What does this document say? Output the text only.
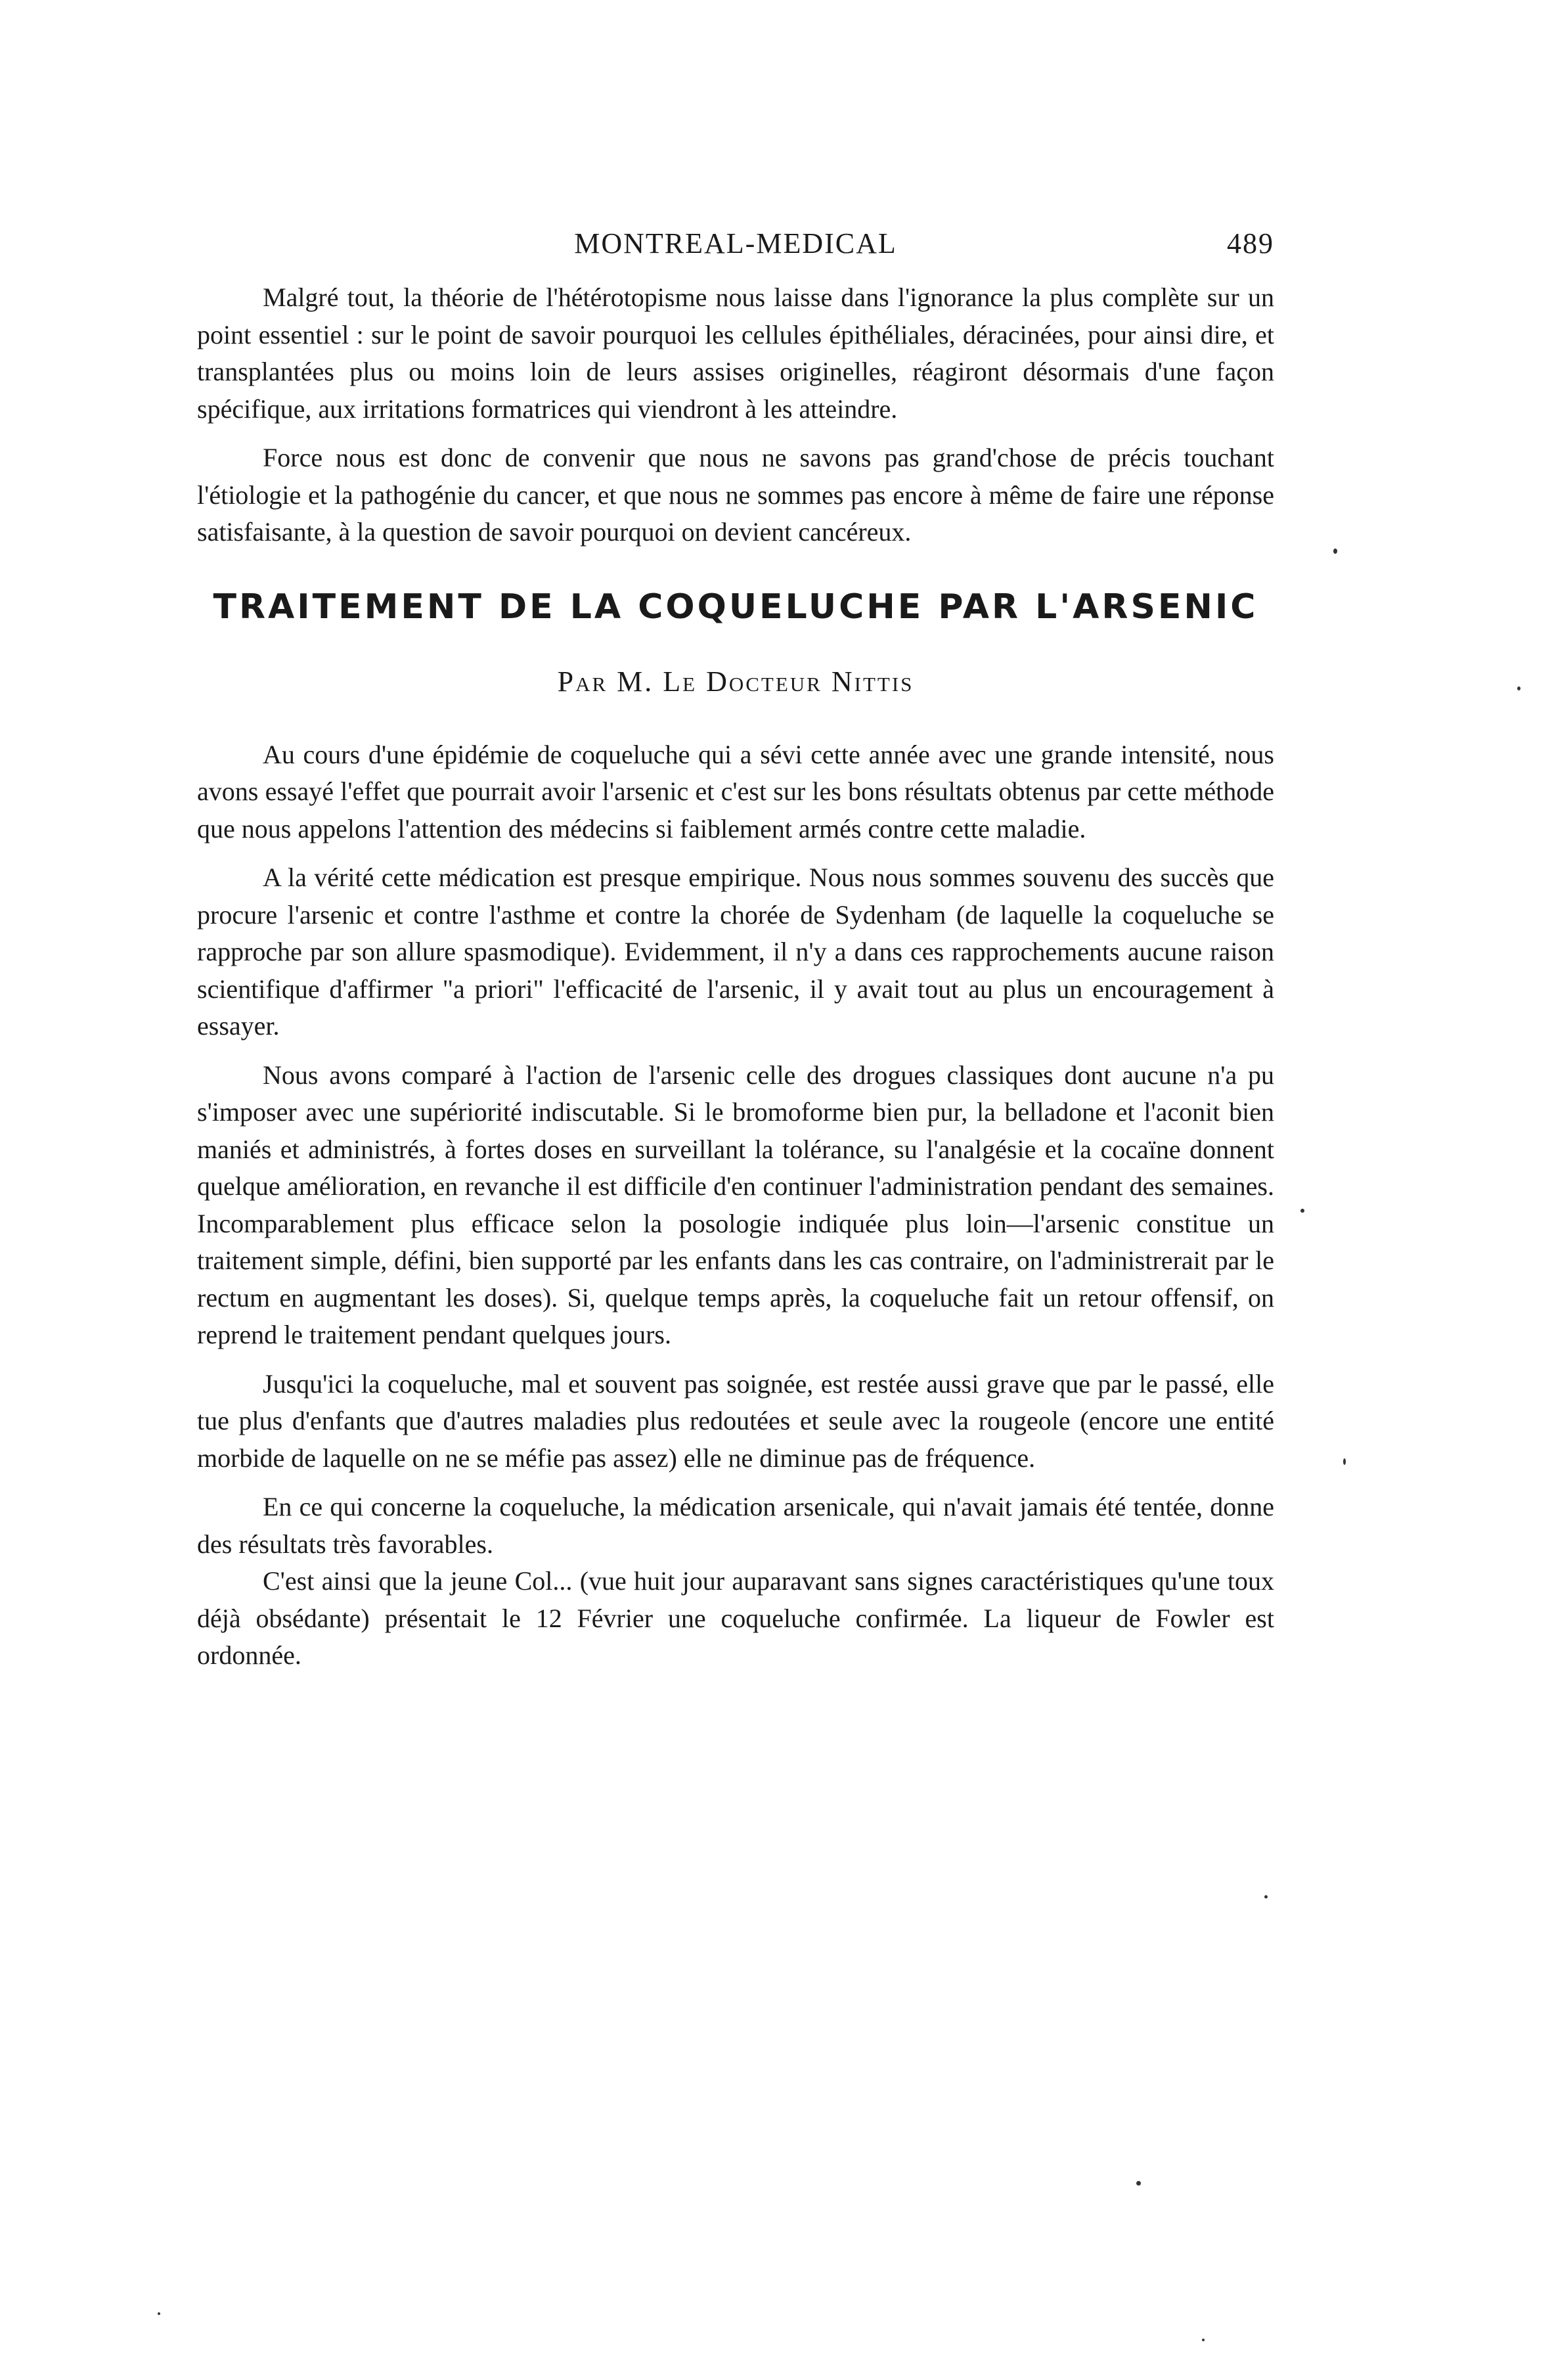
MONTREAL-MEDICAL	489

Malgré tout, la théorie de l'hétérotopisme nous laisse dans l'ignorance la plus complète sur un point essentiel : sur le point de savoir pourquoi les cellules épithéliales, déracinées, pour ainsi dire, et transplantées plus ou moins loin de leurs assises originelles, réagiront désormais d'une façon spécifique, aux irritations formatrices qui viendront à les atteindre.

Force nous est donc de convenir que nous ne savons pas grand'chose de précis touchant l'étiologie et la pathogénie du cancer, et que nous ne sommes pas encore à même de faire une réponse satisfaisante, à la question de savoir pourquoi on devient cancéreux.

TRAITEMENT DE LA COQUELUCHE PAR L'ARSENIC

Par M. Le Docteur Nittis

Au cours d'une épidémie de coqueluche qui a sévi cette année avec une grande intensité, nous avons essayé l'effet que pourrait avoir l'arsenic et c'est sur les bons résultats obtenus par cette méthode que nous appelons l'attention des médecins si faiblement armés contre cette maladie.

A la vérité cette médication est presque empirique. Nous nous sommes souvenu des succès que procure l'arsenic et contre l'asthme et contre la chorée de Sydenham (de laquelle la coqueluche se rapproche par son allure spasmodique). Evidemment, il n'y a dans ces rapprochements aucune raison scientifique d'affirmer "a priori" l'efficacité de l'arsenic, il y avait tout au plus un encouragement à essayer.

Nous avons comparé à l'action de l'arsenic celle des drogues classiques dont aucune n'a pu s'imposer avec une supériorité indiscutable. Si le bromoforme bien pur, la belladone et l'aconit bien maniés et administrés, à fortes doses en surveillant la tolérance, su l'analgésie et la cocaïne donnent quelque amélioration, en revanche il est difficile d'en continuer l'administration pendant des semaines. Incomparablement plus efficace selon la posologie indiquée plus loin—l'arsenic constitue un traitement simple, défini, bien supporté par les enfants dans les cas contraire, on l'administrerait par le rectum en augmentant les doses). Si, quelque temps après, la coqueluche fait un retour offensif, on reprend le traitement pendant quelques jours.

Jusqu'ici la coqueluche, mal et souvent pas soignée, est restée aussi grave que par le passé, elle tue plus d'enfants que d'autres maladies plus redoutées et seule avec la rougeole (encore une entité morbide de laquelle on ne se méfie pas assez) elle ne diminue pas de fréquence.

En ce qui concerne la coqueluche, la médication arsenicale, qui n'avait jamais été tentée, donne des résultats très favorables.

C'est ainsi que la jeune Col... (vue huit jour auparavant sans signes caractéristiques qu'une toux déjà obsédante) présentait le 12 Février une coqueluche confirmée. La liqueur de Fowler est ordonnée.
